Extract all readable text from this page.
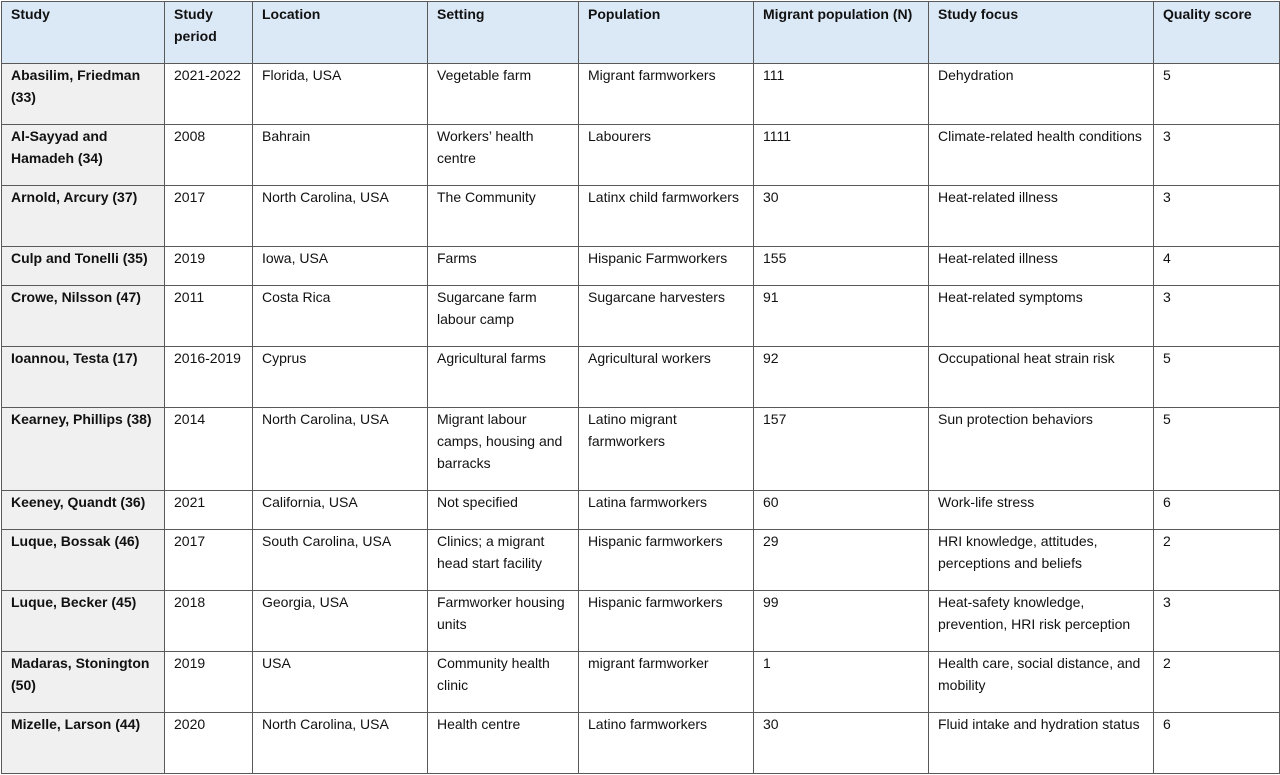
Study	Study period	Location	Setting	Population	Migrant population (N)	Study focus	Quality score
Abasilim, Friedman (33)	2021-2022	Florida, USA	Vegetable farm	Migrant farmworkers	111	Dehydration	5
Al-Sayyad and Hamadeh (34)	2008	Bahrain	Workers’ health centre	Labourers	1111	Climate-related health conditions	3
Arnold, Arcury (37)	2017	North Carolina, USA	The Community	Latinx child farmworkers	30	Heat-related illness	3
Culp and Tonelli (35)	2019	Iowa, USA	Farms	Hispanic Farmworkers	155	Heat-related illness	4
Crowe, Nilsson (47)	2011	Costa Rica	Sugarcane farm labour camp	Sugarcane harvesters	91	Heat-related symptoms	3
Ioannou, Testa (17)	2016-2019	Cyprus	Agricultural farms	Agricultural workers	92	Occupational heat strain risk	5
Kearney, Phillips (38)	2014	North Carolina, USA	Migrant labour camps, housing and barracks	Latino migrant farmworkers	157	Sun protection behaviors	5
Keeney, Quandt (36)	2021	California, USA	Not specified	Latina farmworkers	60	Work-life stress	6
Luque, Bossak (46)	2017	South Carolina, USA	Clinics; a migrant head start facility	Hispanic farmworkers	29	HRI knowledge, attitudes, perceptions and beliefs	2
Luque, Becker (45)	2018	Georgia, USA	Farmworker housing units	Hispanic farmworkers	99	Heat-safety knowledge, prevention, HRI risk perception	3
Madaras, Stonington (50)	2019	USA	Community health clinic	migrant farmworker	1	Health care, social distance, and mobility	2
Mizelle, Larson (44)	2020	North Carolina, USA	Health centre	Latino farmworkers	30	Fluid intake and hydration status	6
